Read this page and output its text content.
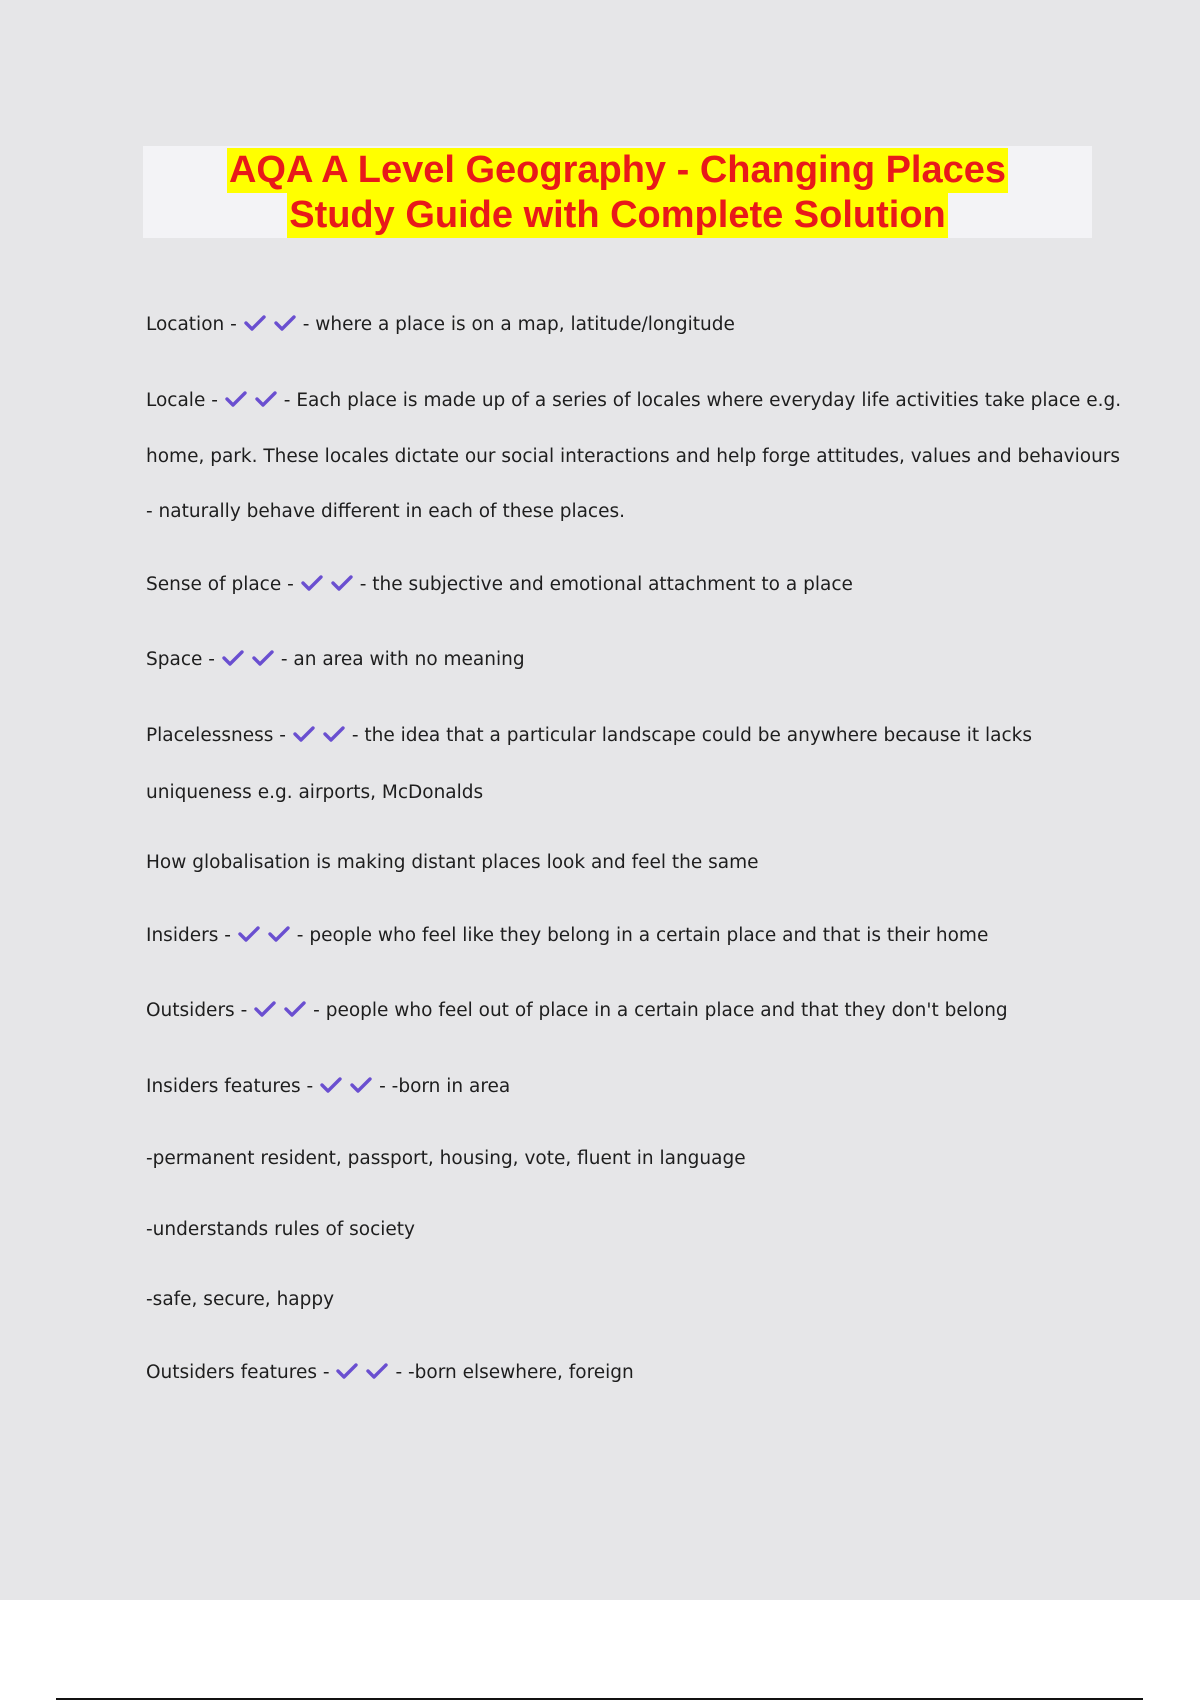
AQA A Level Geography - Changing Places
Study Guide with Complete Solution
Location -	- where a place is on a map, latitude/longitude
Locale -	- Each place is made up of a series of locales where everyday life activities take place e.g.
home, park. These locales dictate our social interactions and help forge attitudes, values and behaviours
- naturally behave different in each of these places.
Sense of place -	- the subjective and emotional attachment to a place
Space -	- an area with no meaning
Placelessness -	- the idea that a particular landscape could be anywhere because it lacks
uniqueness e.g. airports, McDonalds
How globalisation is making distant places look and feel the same
Insiders -	- people who feel like they belong in a certain place and that is their home
Outsiders -	- people who feel out of place in a certain place and that they don't belong
Insiders features -	- -born in area
-permanent resident, passport, housing, vote, fluent in language
-understands rules of society
-safe, secure, happy
Outsiders features -	- -born elsewhere, foreign
